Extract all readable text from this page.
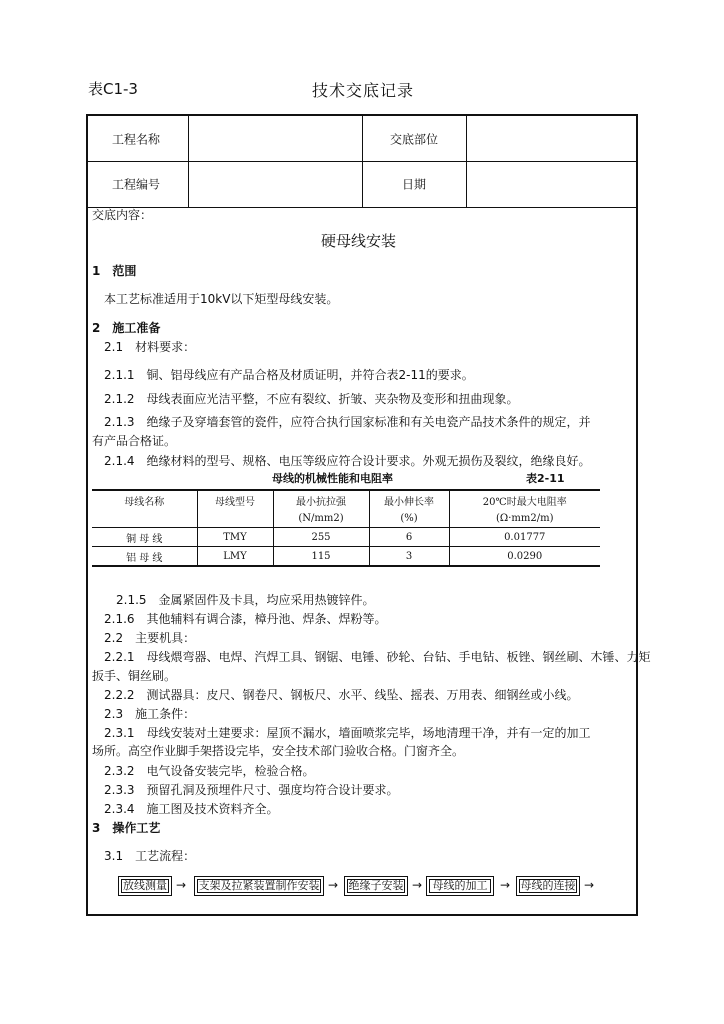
表C1-3	技术交底记录
工程名称	交底部位
工程编号	日期
交底内容：
硬母线安装
1　范围
本工艺标准适用于10kV以下矩型母线安装。
2　施工准备
2.1　材料要求：
2.1.1　铜、铝母线应有产品合格及材质证明，并符合表2-11的要求。
2.1.2　母线表面应光洁平整，不应有裂纹、折皱、夹杂物及变形和扭曲现象。
2.1.3　绝缘子及穿墙套管的瓷件，应符合执行国家标准和有关电瓷产品技术条件的规定，并
有产品合格证。
2.1.4　绝缘材料的型号、规格、电压等级应符合设计要求。外观无损伤及裂纹，绝缘良好。
母线的机械性能和电阻率	表2-11
母线名称	母线型号	最小抗拉强	最小伸长率	20℃时最大电阻率
		(N/mm2)	(%)	(Ω·mm2/m)
铜 母 线	TMY	255	6	0.01777
铝 母 线	LMY	115	3	0.0290
2.1.5　金属紧固件及卡具，均应采用热镀锌件。
2.1.6　其他辅料有调合漆，樟丹池、焊条、焊粉等。
2.2　主要机具：
2.2.1　母线煨弯器、电焊、汽焊工具、钢锯、电锤、砂轮、台钻、手电钻、板锉、钢丝刷、木锤、力矩
扳手、铜丝刷。
2.2.2　测试器具：皮尺、钢卷尺、钢板尺、水平、线坠、摇表、万用表、细钢丝或小线。
2.3　施工条件：
2.3.1　母线安装对土建要求：屋顶不漏水，墙面喷浆完毕，场地清理干净，并有一定的加工
场所。高空作业脚手架搭设完毕，安全技术部门验收合格。门窗齐全。
2.3.2　电气设备安装完毕，检验合格。
2.3.3　预留孔洞及预埋件尺寸、强度均符合设计要求。
2.3.4　施工图及技术资料齐全。
3　操作工艺
3.1　工艺流程：
放线测量 →	支架及拉紧装置制作安装 → 绝缘子安装 → 母线的加工	→ 母线的连接 →
